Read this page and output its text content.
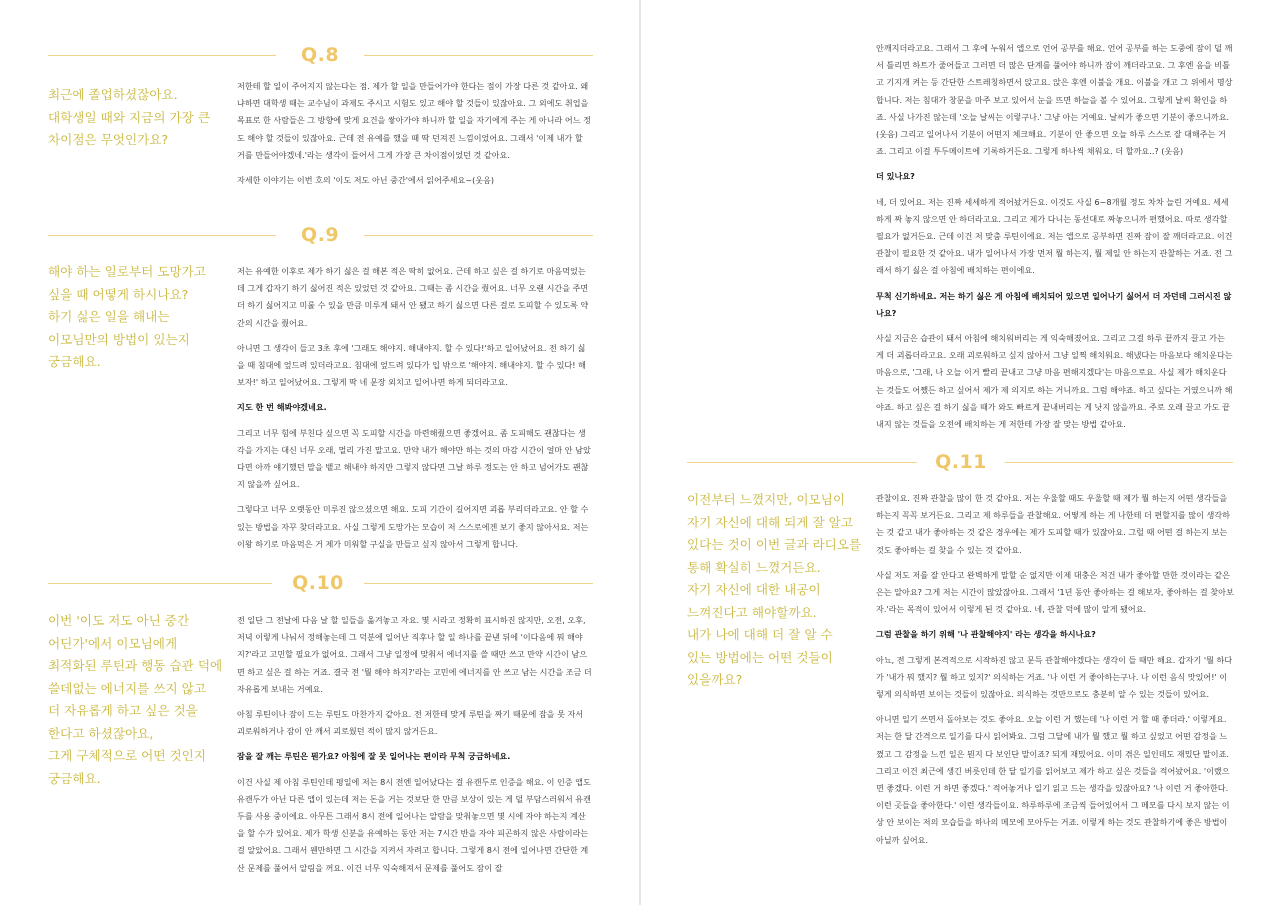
Q.8
최근에 졸업하셨잖아요.
대학생일 때와 지금의 가장 큰
차이점은 무엇인가요?

저한테 할 일이 주어지지 않는다는 점. 제가 할 일을 만들어가야 한다는 점이 가장 다른 것 같아요. 왜냐하면 대학생 때는 교수님이 과제도 주시고 시험도 있고 해야 할 것들이 있잖아요. 그 외에도 취업을 목표로 한 사람들은 그 방향에 맞게 요건을 쌓아가야 하니까 할 일을 자기에게 주는 게 아니라 어느 정도 해야 할 것들이 있잖아요. 근데 전 유예를 했을 때 딱 던져진 느낌이었어요. 그래서 '이제 내가 할 거를 만들어야겠네.'라는 생각이 들어서 그게 가장 큰 차이점이었던 것 같아요.

자세한 이야기는 이번 호의 '이도 저도 아닌 중간'에서 읽어주세요~(웃음)

Q.9
해야 하는 일로부터 도망가고
싶을 때 어떻게 하시나요?
하기 싫은 일을 해내는
이모님만의 방법이 있는지
궁금해요.

저는 유예한 이후로 제가 하기 싫은 걸 해본 적은 딱히 없어요. 근데 하고 싶은 걸 하기로 마음먹었는데 그게 갑자기 하기 싫어진 적은 있었던 것 같아요. 그때는 좀 시간을 줬어요. 너무 오랜 시간을 주면 더 하기 싫어지고 미룰 수 있을 만큼 미루게 돼서 안 됐고 하기 싫으면 다른 걸로 도피할 수 있도록 약간의 시간을 줬어요.

아니면 그 생각이 들고 3초 후에 '그래도 해야지. 해내야지. 할 수 있다!'하고 일어났어요. 전 하기 싫을 때 침대에 엎드려 있더라고요. 침대에 엎드려 있다가 입 밖으로 '해야지. 해내야지. 할 수 있다! 해보자!' 하고 일어났어요. 그렇게 딱 네 문장 외치고 일어나면 하게 되더라고요.

지도 한 번 해봐야겠네요.

그리고 너무 힘에 부친다 싶으면 꼭 도피할 시간을 마련해줬으면 좋겠어요. 좀 도피해도 괜찮다는 생각을 가지는 대신 너무 오래, 멀리 가진 말고요. 만약 내가 해야만 하는 것의 마감 시간이 얼마 안 남았다면 아까 얘기했던 말을 뱉고 해내야 하지만 그렇지 않다면 그날 하루 정도는 안 하고 넘어가도 괜찮지 않을까 싶어요.

그렇다고 너무 오랫동안 미루진 않으셨으면 해요. 도피 기간이 길어지면 괴롭 부리더라고요. 안 할 수 있는 방법을 자꾸 찾더라고요. 사실 그렇게 도망가는 모습이 저 스스로에겐 보기 좋지 않아서요. 저는 이왕 하기로 마음먹은 거 제가 미워할 구실을 만들고 싶지 않아서 그렇게 합니다.

Q.10
이번 '이도 저도 아닌 중간
어딘가'에서 이모님에게
최적화된 루틴과 행동 습관 덕에
쓸데없는 에너지를 쓰지 않고
더 자유롭게 하고 싶은 것을
한다고 하셨잖아요,
그게 구체적으로 어떤 것인지
궁금해요.

전 일단 그 전날에 다음 날 할 일들을 옮겨놓고 자요. 몇 시라고 정확히 표시하진 않지만, 오전, 오후, 저녁 이렇게 나눠서 정해놓는데 그 덕분에 일어난 직후나 할 일 하나를 끝낸 뒤에 '이다음에 뭐 해야지?'라고 고민할 필요가 없어요. 그래서 그냥 일정에 맞춰서 에너지를 쓸 때만 쓰고 만약 시간이 남으면 하고 싶은 걸 하는 거죠. 결국 전 '뭘 해야 하지?'라는 고민에 에너지를 안 쓰고 남는 시간을 조금 더 자유롭게 보내는 거예요.

아침 루틴이나 잠이 드는 루틴도 마찬가지 같아요. 전 저한테 맞게 루틴을 짜기 때문에 잠을 못 자서 괴로워하거나 잠이 안 깨서 괴로웠던 적이 많지 않거든요.

잠을 잘 깨는 루틴은 뭔가요? 아침에 잘 못 일어나는 편이라 무척 궁금하네요.

이건 사실 제 아침 루틴인데 평일에 저는 8시 전엔 일어났다는 걸 유캔두로 인증을 해요. 이 인증 앱도 유캔두가 아닌 다른 앱이 있는데 저는 돈을 거는 것보단 한 만큼 보상이 있는 게 덜 부담스러워서 유캔두를 사용 중이에요. 아무튼 그래서 8시 전에 일어나는 알람을 맞춰놓으면 몇 시에 자야 하는지 계산을 할 수가 있어요. 제가 학생 신분을 유예하는 동안 저는 7시간 반을 자야 피곤하지 않은 사람이라는 걸 알았어요. 그래서 웬만하면 그 시간을 지켜서 자려고 합니다. 그렇게 8시 전에 일어나면 간단한 계산 문제를 풀어서 알림을 꺼요. 이건 너무 익숙해져서 문제를 풀어도 잠이 잘

안깨지더라고요. 그래서 그 후에 누워서 앱으로 언어 공부를 해요. 언어 공부를 하는 도중에 잠이 덜 깨서 틀리면 하트가 줄어들고 그러면 더 많은 단계를 풀어야 하니까 잠이 깨더라고요. 그 후엔 음을 비틀고 기지개 켜는 등 간단한 스트레칭하면서 앉고요. 앉은 후엔 이불을 개요. 이불을 개고 그 위에서 명상합니다. 저는 침대가 창문을 마주 보고 있어서 눈을 뜨면 하늘을 볼 수 있어요. 그렇게 날씨 확인을 하죠. 사실 나가진 않는데 '오늘 날씨는 이렇구나.' 그냥 아는 거예요. 날씨가 좋으면 기분이 좋으니까요.(웃음) 그리고 일어나서 기분이 어떤지 체크해요. 기분이 안 좋으면 오늘 하루 스스로 잘 대해주는 거죠. 그리고 이걸 투두메이트에 기록하거든요. 그렇게 하나씩 채워요. 더 할까요..? (웃음)

더 있나요?

네, 더 있어요. 저는 진짜 세세하게 적어놨거든요. 이것도 사실 6~8개월 정도 차차 늘린 거예요. 세세하게 짜 놓지 않으면 안 하더라고요. 그리고 제가 다니는 동선대로 짜놓으니까 편했어요. 따로 생각할 필요가 없거든요. 근데 이건 저 맞춤 루틴이에요. 저는 앱으로 공부하면 진짜 잠이 잘 깨더라고요. 이건 관찰이 필요한 것 같아요. 내가 일어나서 가장 먼저 뭘 하는지, 뭘 제일 안 하는지 관찰하는 거죠. 전 그래서 하기 싫은 걸 아침에 배치하는 편이에요.

무척 신기하네요. 저는 하기 싫은 게 아침에 배치되어 있으면 일어나기 싫어서 더 자던데 그러시진 않나요?

사실 지금은 습관이 돼서 아침에 해치워버리는 게 익숙해졌어요. 그리고 그걸 하루 끝까지 끌고 가는 게 더 괴롭더라고요. 오래 괴로워하고 싶지 않아서 그냥 일찍 해치워요. 해냈다는 마음보다 해치운다는 마음으로, '그래, 나 오늘 이거 빨리 끝내고 그냥 마음 편해지겠다'는 마음으로요. 사실 제가 해치운다는 것들도 어쨌든 하고 싶어서 제가 제 의지로 하는 거니까요. 그럼 해야죠. 하고 싶다는 거였으니까 해야죠. 하고 싶은 걸 하기 싫을 때가 와도 빠르게 끝내버리는 게 낫지 않을까요. 주로 오래 끌고 가도 끝내지 않는 것들을 오전에 배치하는 게 저한테 가장 잘 맞는 방법 같아요.

Q.11
이전부터 느꼈지만, 이모님이
자기 자신에 대해 되게 잘 알고
있다는 것이 이번 글과 라디오를
통해 확실히 느꼈거든요.
자기 자신에 대한 내공이
느껴진다고 해야할까요.
내가 나에 대해 더 잘 알 수
있는 방법에는 어떤 것들이
있을까요?

관찰이요. 진짜 관찰을 많이 한 것 같아요. 저는 우울할 때도 우울할 때 제가 뭘 하는지 어떤 생각들을 하는지 꼭꼭 보거든요. 그리고 제 하루들을 관찰해요. 어떻게 하는 게 나한테 더 편할지를 많이 생각하는 것 같고 내가 좋아하는 것 같은 경우에는 제가 도피할 때가 있잖아요. 그럴 때 어떤 걸 하는지 보는 것도 좋아하는 걸 찾을 수 있는 것 같아요.

사실 저도 저를 잘 안다고 완벽하게 말할 순 없지만 이제 대충은 저건 내가 좋아할 만한 것이라는 같은 은는 알아요? 그게 저는 시간이 많았잖아요. 그래서 '1년 동안 좋아하는 걸 해보자, 좋아하는 걸 찾아보자.'라는 목적이 있어서 이렇게 된 것 같아요. 네, 관찰 덕에 많이 알게 됐어요.

그럼 관찰을 하기 위해 '나 관찰해야지' 라는 생각을 하시나요?

아뇨, 전 그렇게 본격적으로 시작하진 않고 문득 관찰해야겠다는 생각이 들 때만 해요. 갑자기 '뭘 하다가 '내가 뭐 했지? 뭘 하고 있지?' 의식하는 거죠. '나 이런 거 좋아하는구나. 나 이런 음식 맛있어!' 이렇게 의식하면 보이는 것들이 있잖아요. 의식하는 것만으로도 충분히 알 수 있는 것들이 있어요.

아니면 일기 쓰면서 돌아보는 것도 좋아요. 오늘 이런 거 했는데 '나 이런 거 할 때 좋더라.' 이렇게요. 저는 한 달 간격으로 일기를 다시 읽어봐요. 그럼 그달에 내가 뭘 했고 뭘 하고 싶었고 어떤 감정을 느꼈고 그 감정을 느낀 일은 뭔지 다 보인단 말이죠? 되게 재밌어요. 이미 겪은 일인데도 재밌단 말이죠. 그리고 이건 최근에 생긴 버릇인데 한 달 일기를 읽어보고 제가 하고 싶은 것들을 적어놨어요. '이랬으면 좋겠다. 이런 거 하면 좋겠다.' 적어놓거나 일기 읽고 드는 생각을 있잖아요? '나 이런 거 좋아한다. 이런 곳들을 좋아한다.' 이런 생각들이요. 하루하루에 조금씩 들어있어서 그 메모를 다시 보지 않는 이상 안 보이는 저의 모습들을 하나의 메모에 모아두는 거죠. 이렇게 하는 것도 관찰하기에 좋은 방법이 아닐까 싶어요.
